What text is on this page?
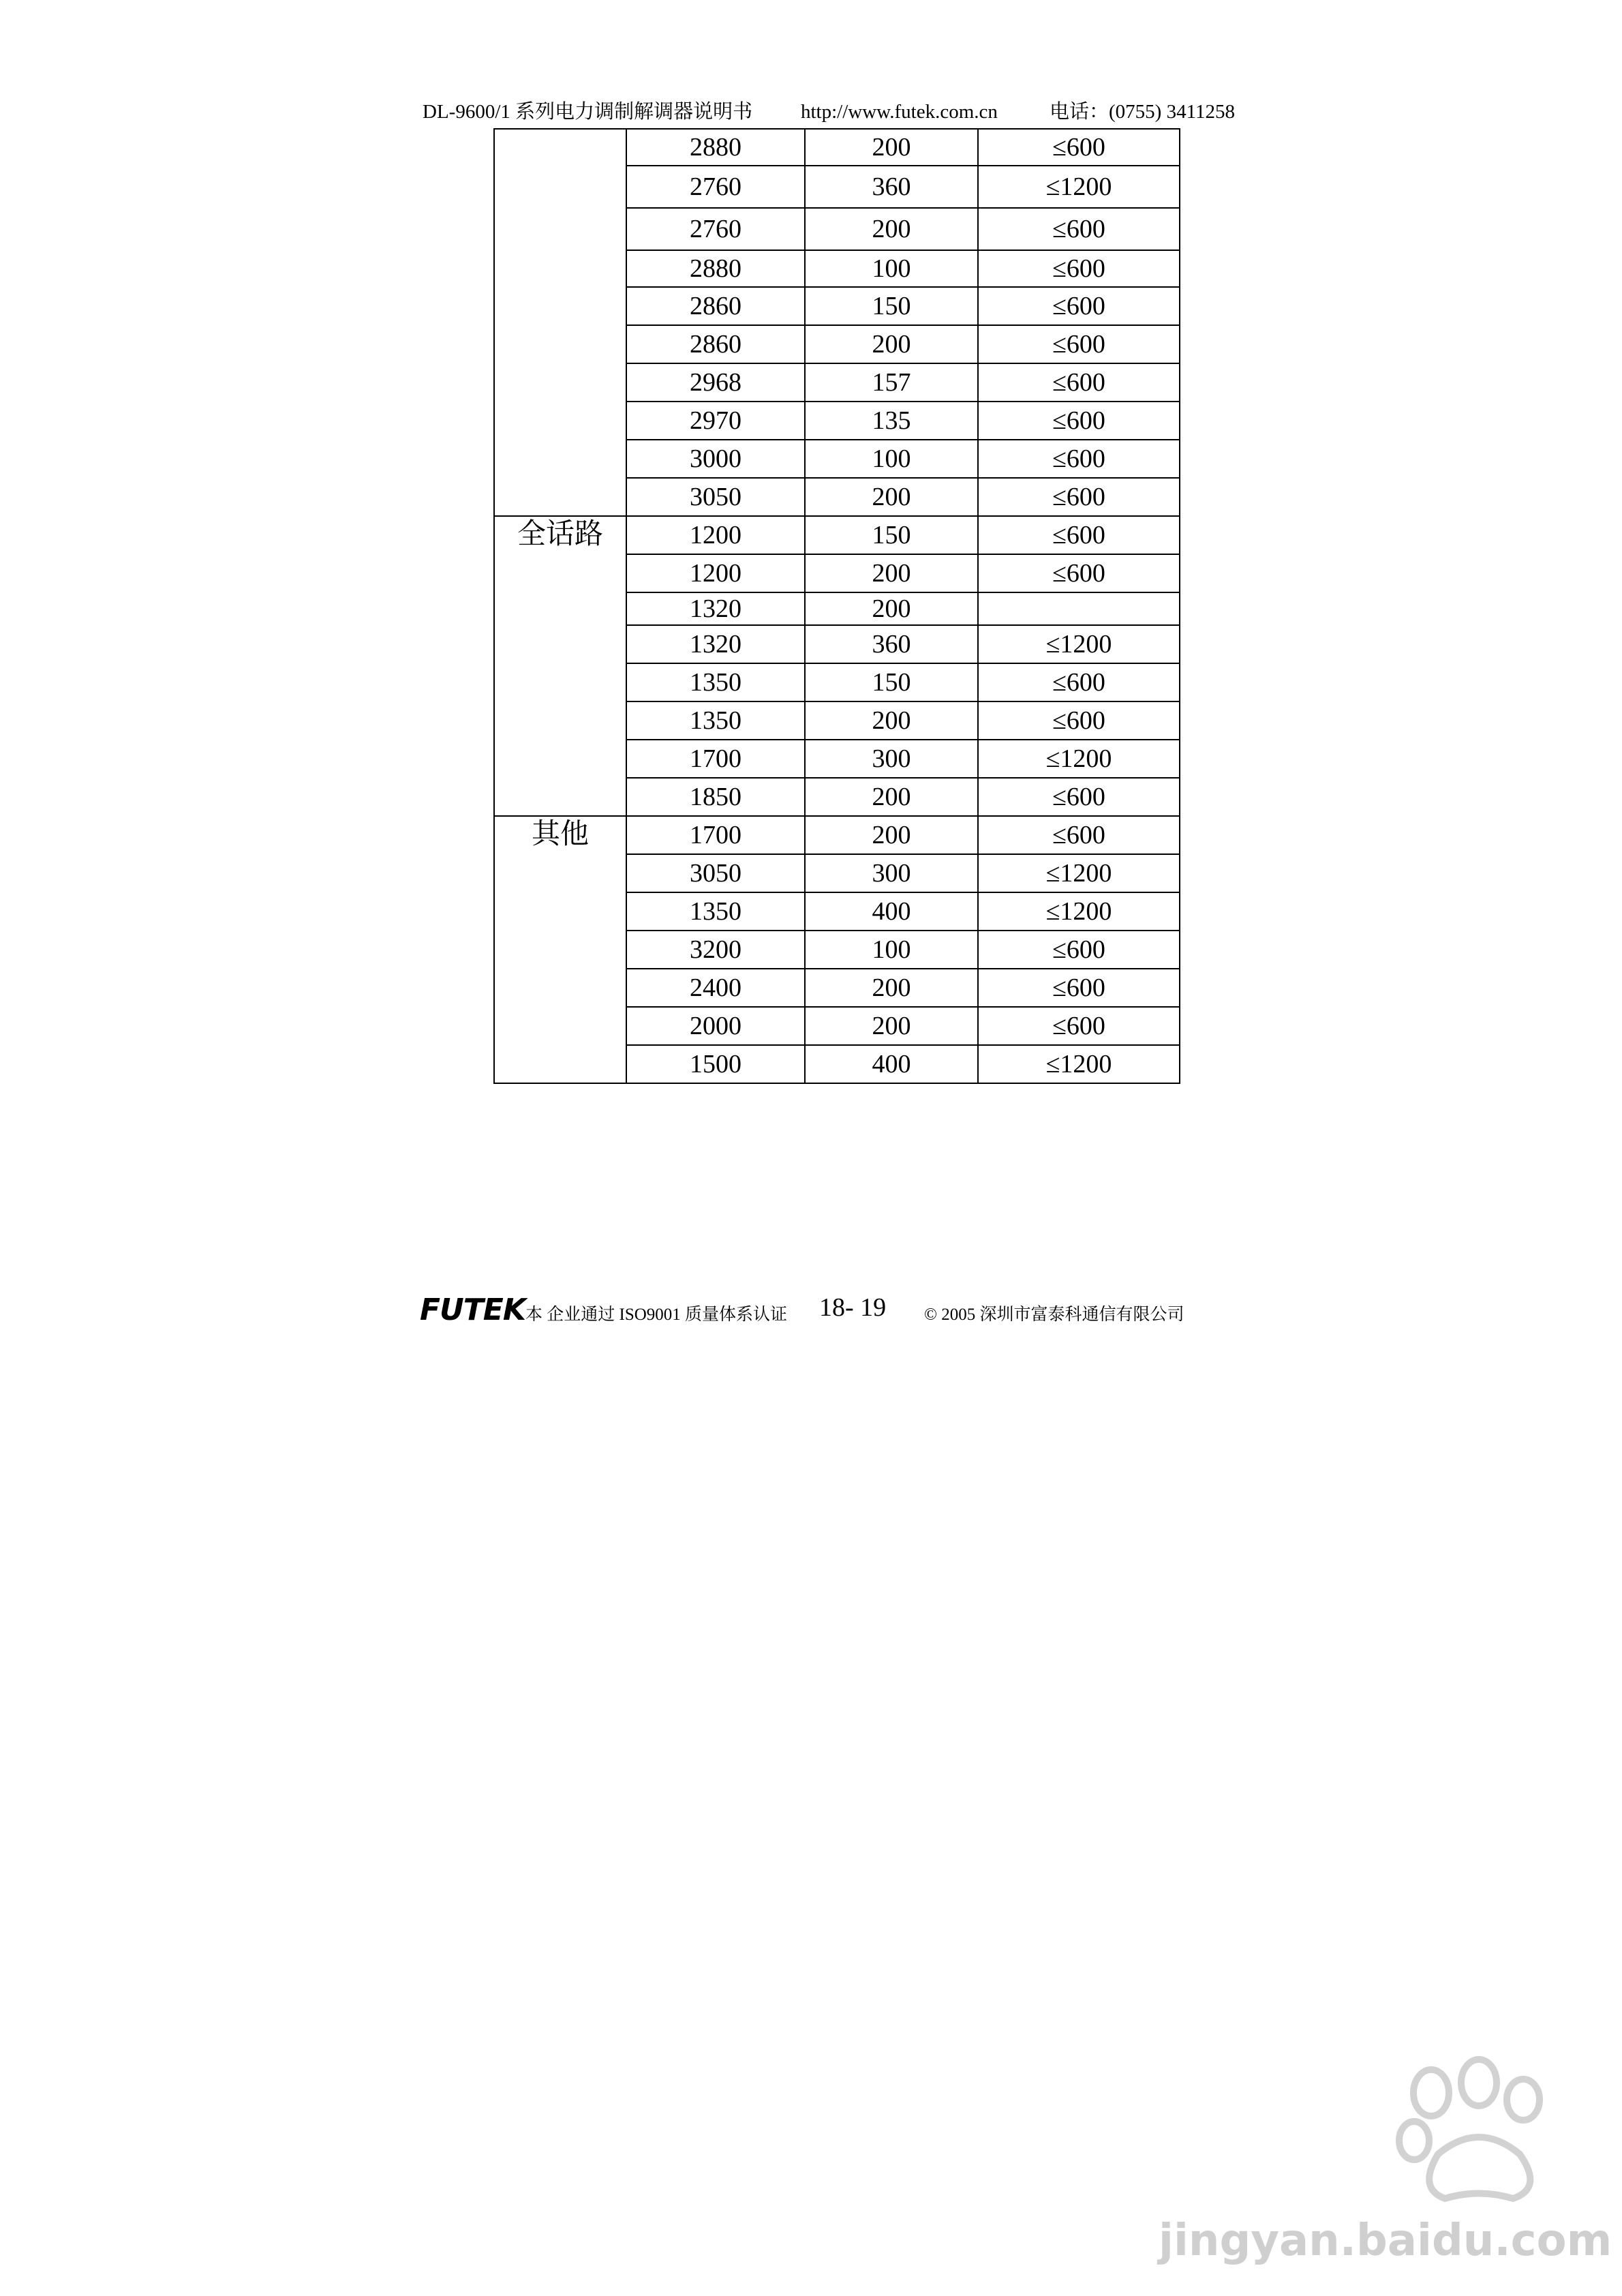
DL-9600/1 系列电力调制解调器说明书 http://www.futek.com.cn	电话：(0755) 3411258
	2880	200	≤600
	2760	360	≤1200
	2760	200	≤600
	2880	100	≤600
	2860	150	≤600
	2860	200	≤600
	2968	157	≤600
	2970	135	≤600
	3000	100	≤600
	3050	200	≤600
全话路	1200	150	≤600
	1200	200	≤600
	1320	200	
	1320	360	≤1200
	1350	150	≤600
	1350	200	≤600
	1700	300	≤1200
	1850	200	≤600
其他	1700	200	≤600
	3050	300	≤1200
	1350	400	≤1200
	3200	100	≤600
	2400	200	≤600
	2000	200	≤600
	1500	400	≤1200
FUTEK 本 企业通过 ISO9001 质量体系认证 18- 19 © 2005 深圳市富泰科通信有限公司
jingyan.baidu.com
